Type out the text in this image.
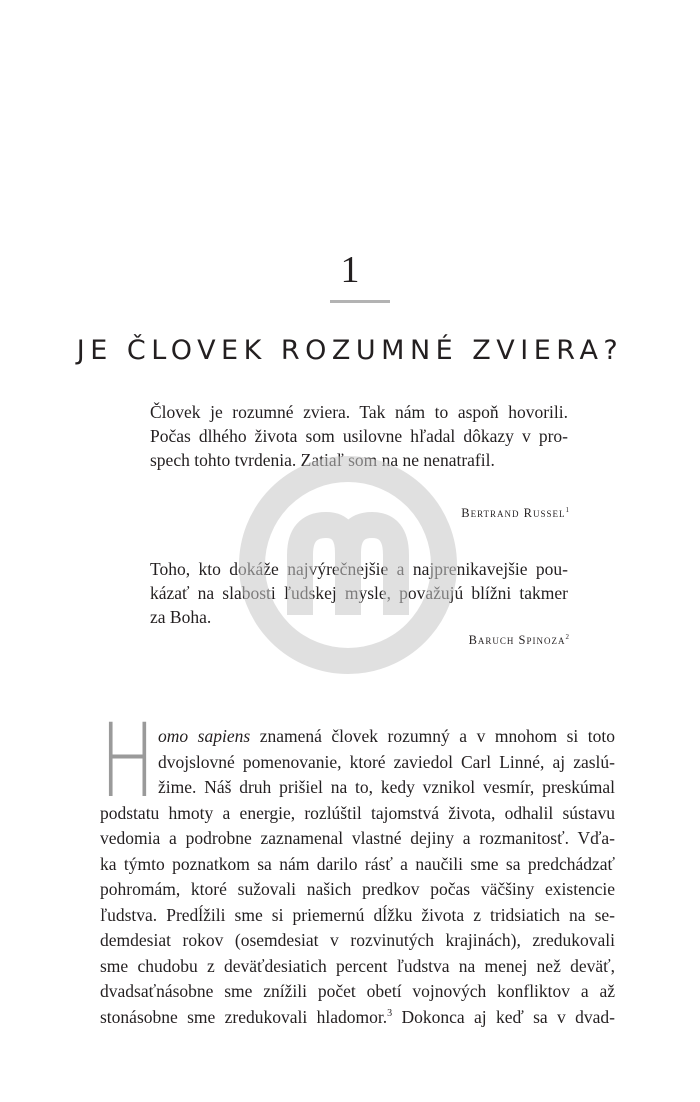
1
JE ČLOVEK ROZUMNÉ ZVIERA?
Človek je rozumné zviera. Tak nám to aspoň hovorili.
Počas dlhého života som usilovne hľadal dôkazy v pro-
spech tohto tvrdenia. Zatiaľ som na ne nenatrafil.
Bertrand Russel$^1$
Toho, kto dokáže najvýrečnejšie a najprenikavejšie pou-
kázať na slabosti ľudskej mysle, považujú blížni takmer
za Boha.
Baruch Spinoza$^2$
H omo sapiens znamená človek rozumný a v mnohom si toto
dvojslovné pomenovanie, ktoré zaviedol Carl Linné, aj zaslú-
žime. Náš druh prišiel na to, kedy vznikol vesmír, preskúmal
podstatu hmoty a energie, rozlúštil tajomstvá života, odhalil sústavu
vedomia a podrobne zaznamenal vlastné dejiny a rozmanitosť. Vďa-
ka týmto poznatkom sa nám darilo rásť a naučili sme sa predchádzať
pohromám, ktoré sužovali našich predkov počas väčšiny existencie
ľudstva. Predĺžili sme si priemernú dĺžku života z tridsiatich na se-
demdesiat rokov (osemdesiat v rozvinutých krajinách), zredukovali
sme chudobu z deväťdesiatich percent ľudstva na menej než deväť,
dvadsaťnásobne sme znížili počet obetí vojnových konfliktov a až
stonásobne sme zredukovali hladomor.$^3$ Dokonca aj keď sa v dvad-
